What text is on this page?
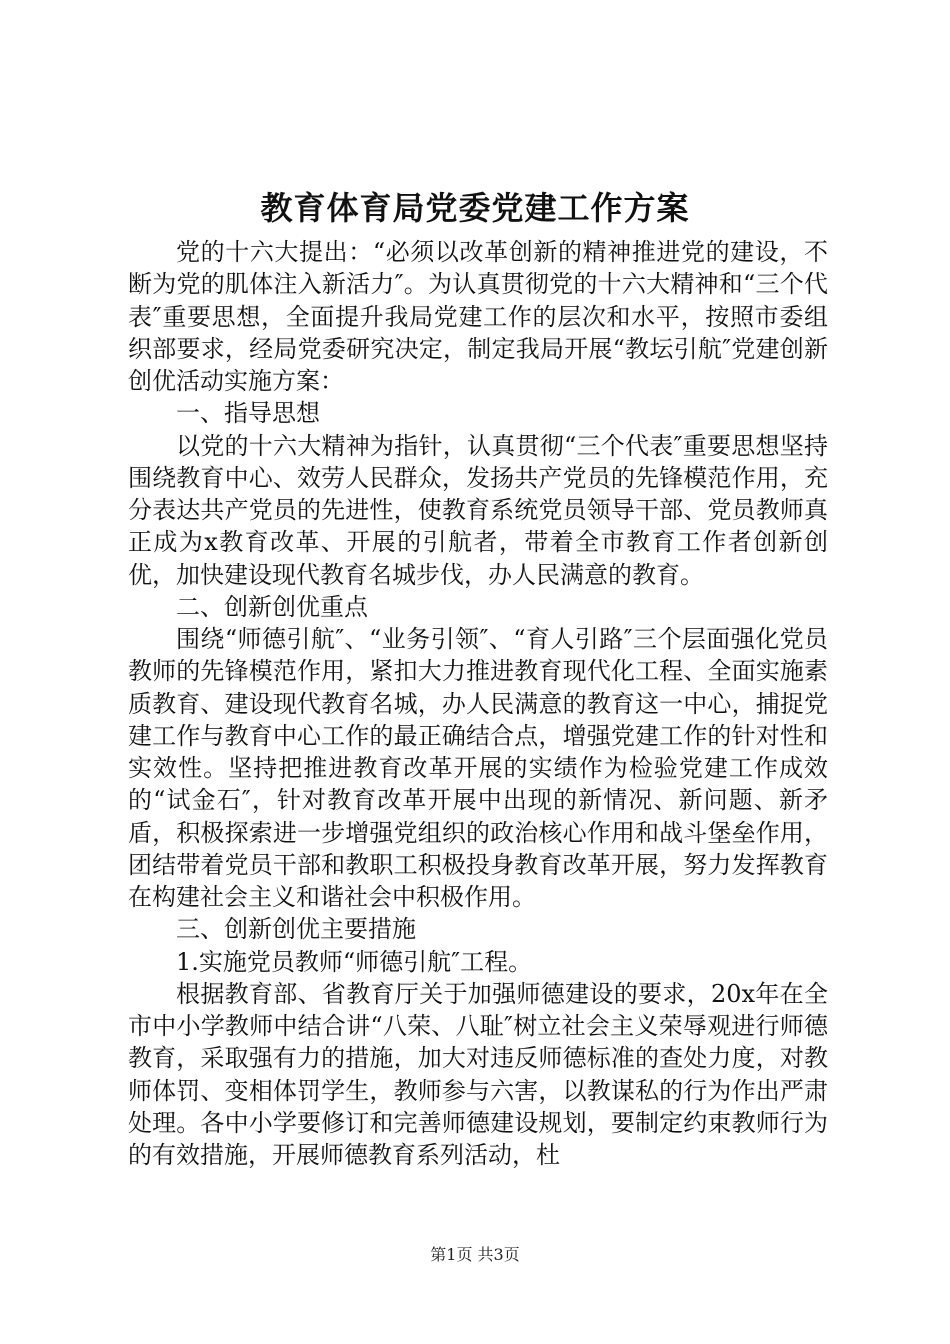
教育体育局党委党建工作方案

党的十六大提出：“必须以改革创新的精神推进党的建设，不断为党的肌体注入新活力″。为认真贯彻党的十六大精神和“三个代表″重要思想，全面提升我局党建工作的层次和水平，按照市委组织部要求，经局党委研究决定，制定我局开展“教坛引航″党建创新创优活动实施方案：

一、指导思想

以党的十六大精神为指针，认真贯彻“三个代表″重要思想坚持围绕教育中心、效劳人民群众，发扬共产党员的先锋模范作用，充分表达共产党员的先进性，使教育系统党员领导干部、党员教师真正成为x教育改革、开展的引航者，带着全市教育工作者创新创优，加快建设现代教育名城步伐，办人民满意的教育。

二、创新创优重点

围绕“师德引航″、“业务引领″、“育人引路″三个层面强化党员教师的先锋模范作用，紧扣大力推进教育现代化工程、全面实施素质教育、建设现代教育名城，办人民满意的教育这一中心，捕捉党建工作与教育中心工作的最正确结合点，增强党建工作的针对性和实效性。坚持把推进教育改革开展的实绩作为检验党建工作成效的“试金石″，针对教育改革开展中出现的新情况、新问题、新矛盾，积极探索进一步增强党组织的政治核心作用和战斗堡垒作用，团结带着党员干部和教职工积极投身教育改革开展，努力发挥教育在构建社会主义和谐社会中积极作用。

三、创新创优主要措施

1.实施党员教师“师德引航″工程。

根据教育部、省教育厅关于加强师德建设的要求，20x年在全市中小学教师中结合讲“八荣、八耻″树立社会主义荣辱观进行师德教育，采取强有力的措施，加大对违反师德标准的查处力度，对教师体罚、变相体罚学生，教师参与六害，以教谋私的行为作出严肃处理。各中小学要修订和完善师德建设规划，要制定约束教师行为的有效措施，开展师德教育系列活动，杜

第1页 共3页
